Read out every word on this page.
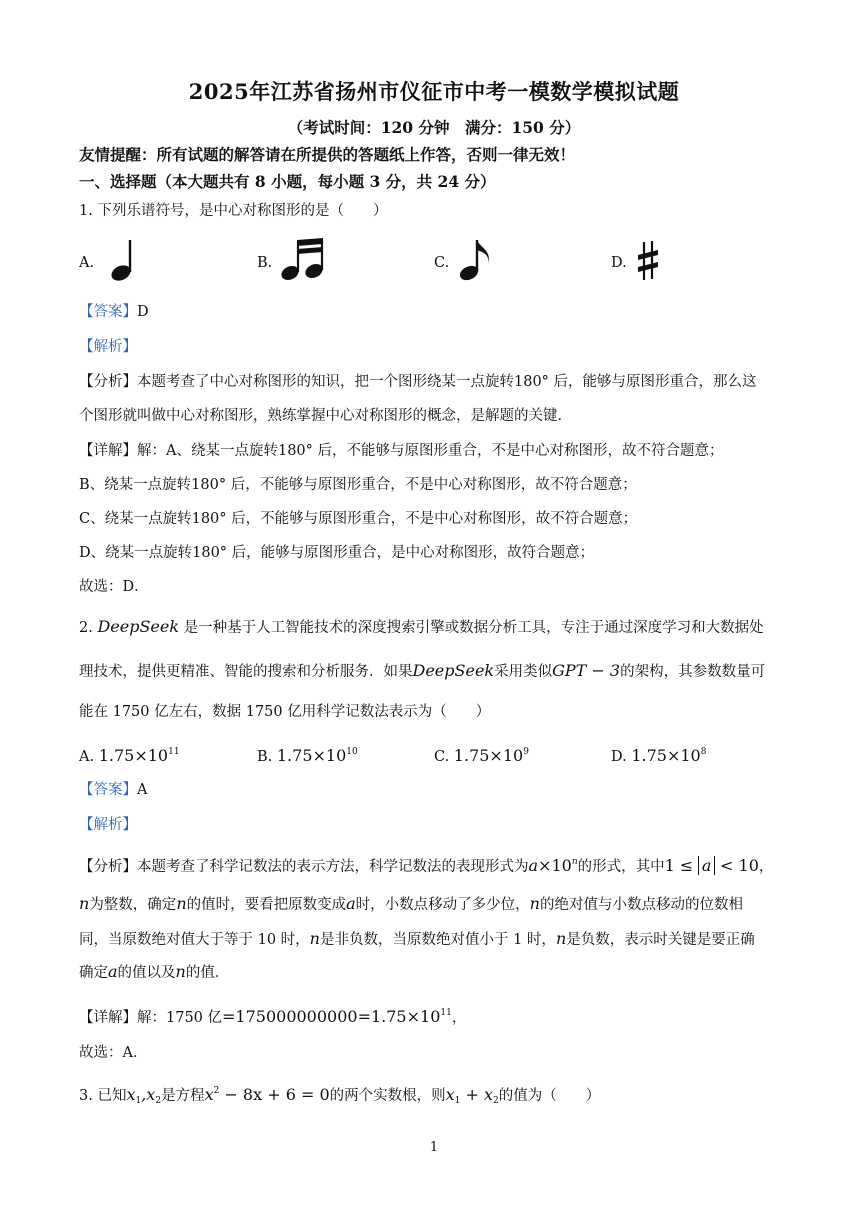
2025年江苏省扬州市仪征市中考一模数学模拟试题
（考试时间：120 分钟　满分：150 分）
友情提醒：所有试题的解答请在所提供的答题纸上作答，否则一律无效！
一、选择题（本大题共有 8 小题，每小题 3 分，共 24 分）
1. 下列乐谱符号，是中心对称图形的是（　　）
A.	B.	C.	D.
【答案】D
【解析】
【分析】本题考查了中心对称图形的知识，把一个图形绕某一点旋转180° 后，能够与原图形重合，那么这
个图形就叫做中心对称图形，熟练掌握中心对称图形的概念，是解题的关键．
【详解】解：A、绕某一点旋转180° 后，不能够与原图形重合，不是中心对称图形，故不符合题意；
B、绕某一点旋转180° 后，不能够与原图形重合，不是中心对称图形，故不符合题意；
C、绕某一点旋转180° 后，不能够与原图形重合，不是中心对称图形，故不符合题意；
D、绕某一点旋转180° 后，能够与原图形重合，是中心对称图形，故符合题意；
故选：D．
2. DeepSeek 是一种基于人工智能技术的深度搜索引擎或数据分析工具，专注于通过深度学习和大数据处
理技术，提供更精准、智能的搜索和分析服务．如果DeepSeek采用类似GPT − 3的架构，其参数数量可
能在 1750 亿左右，数据 1750 亿用科学记数法表示为（　　）
A. $1.75\times 10^{11}$	B. $1.75\times 10^{10}$	C. $1.75\times 10^9$	D. $1.75\times 10^8$
【答案】A
【解析】
【分析】本题考查了科学记数法的表示方法，科学记数法的表现形式为$a\times 10^n$的形式，其中1 ≤ a < 10，
n为整数，确定n的值时，要看把原数变成a时，小数点移动了多少位，n的绝对值与小数点移动的位数相
同，当原数绝对值大于等于 10 时，n是非负数，当原数绝对值小于 1 时，n是负数，表示时关键是要正确
确定a的值以及n的值．
【详解】解：1750 亿$=175000000000=1.75\times 10^{11}$，
故选：A．
3. 已知$x_1,x_2$是方程$x^2 - 8x + 6 = 0$的两个实数根，则$x_1 + x_2$的值为（　　）
1
